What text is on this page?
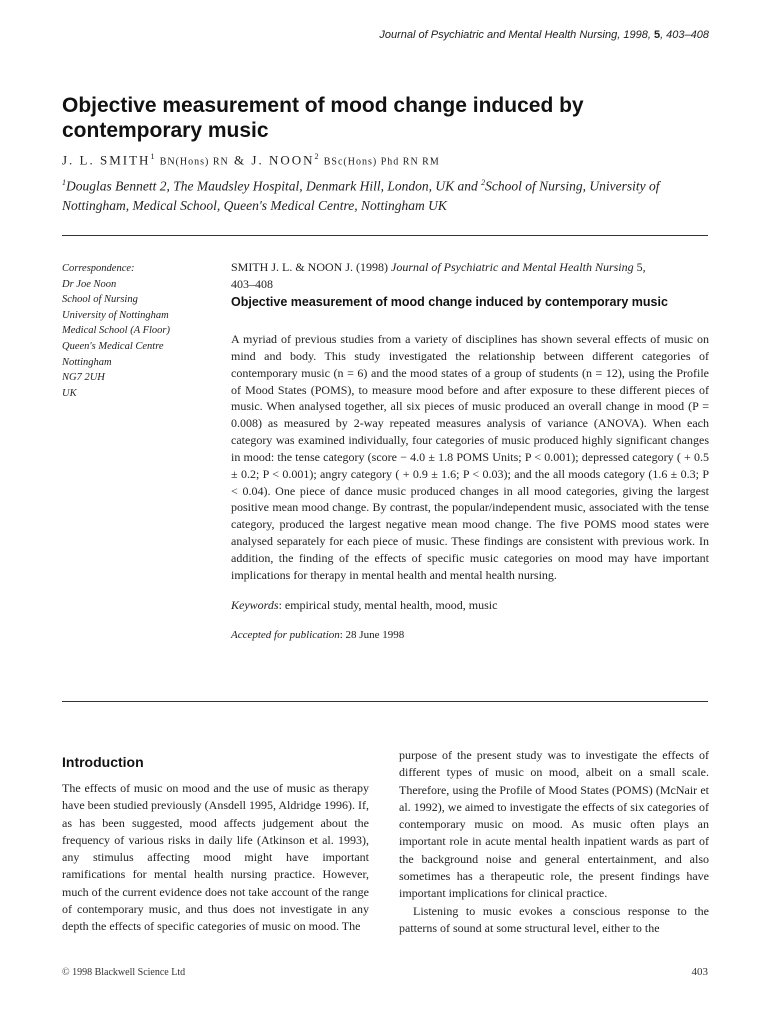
Journal of Psychiatric and Mental Health Nursing, 1998, 5, 403–408
Objective measurement of mood change induced by contemporary music
J. L. SMITH$^1$ BN(Hons) RN & J. NOON$^2$ BSc(Hons) Phd RN RM
$^1$Douglas Bennett 2, The Maudsley Hospital, Denmark Hill, London, UK and $^2$School of Nursing, University of Nottingham, Medical School, Queen's Medical Centre, Nottingham UK
Correspondence:
Dr Joe Noon
School of Nursing
University of Nottingham
Medical School (A Floor)
Queen's Medical Centre
Nottingham
NG7 2UH
UK
SMITH J. L. & NOON J. (1998) Journal of Psychiatric and Mental Health Nursing 5,
403–408
Objective measurement of mood change induced by contemporary music
A myriad of previous studies from a variety of disciplines has shown several effects of music on mind and body. This study investigated the relationship between different categories of contemporary music (n = 6) and the mood states of a group of students (n = 12), using the Profile of Mood States (POMS), to measure mood before and after exposure to these different pieces of music. When analysed together, all six pieces of music produced an overall change in mood (P = 0.008) as measured by 2-way repeated measures analysis of variance (ANOVA). When each category was examined individually, four categories of music produced highly significant changes in mood: the tense category (score − 4.0 ± 1.8 POMS Units; P < 0.001); depressed category ( + 0.5 ± 0.2; P < 0.001); angry category ( + 0.9 ± 1.6; P < 0.03); and the all moods category (1.6 ± 0.3; P < 0.04). One piece of dance music produced changes in all mood categories, giving the largest positive mean mood change. By contrast, the popular/independent music, associated with the tense category, produced the largest negative mean mood change. The five POMS mood states were analysed separately for each piece of music. These findings are consistent with previous work. In addition, the finding of the effects of specific music categories on mood may have important implications for therapy in mental health and mental health nursing.
Keywords: empirical study, mental health, mood, music
Accepted for publication: 28 June 1998
Introduction
The effects of music on mood and the use of music as therapy have been studied previously (Ansdell 1995, Aldridge 1996). If, as has been suggested, mood affects judgement about the frequency of various risks in daily life (Atkinson et al. 1993), any stimulus affecting mood might have important ramifications for mental health nursing practice. However, much of the current evidence does not take account of the range of contemporary music, and thus does not investigate in any depth the effects of specific categories of music on mood. The
purpose of the present study was to investigate the effects of different types of music on mood, albeit on a small scale. Therefore, using the Profile of Mood States (POMS) (McNair et al. 1992), we aimed to investigate the effects of six categories of contemporary music on mood. As music often plays an important role in acute mental health inpatient wards as part of the background noise and general entertainment, and also sometimes has a therapeutic role, the present findings have important implications for clinical practice.
Listening to music evokes a conscious response to the patterns of sound at some structural level, either to the
© 1998 Blackwell Science Ltd	403
